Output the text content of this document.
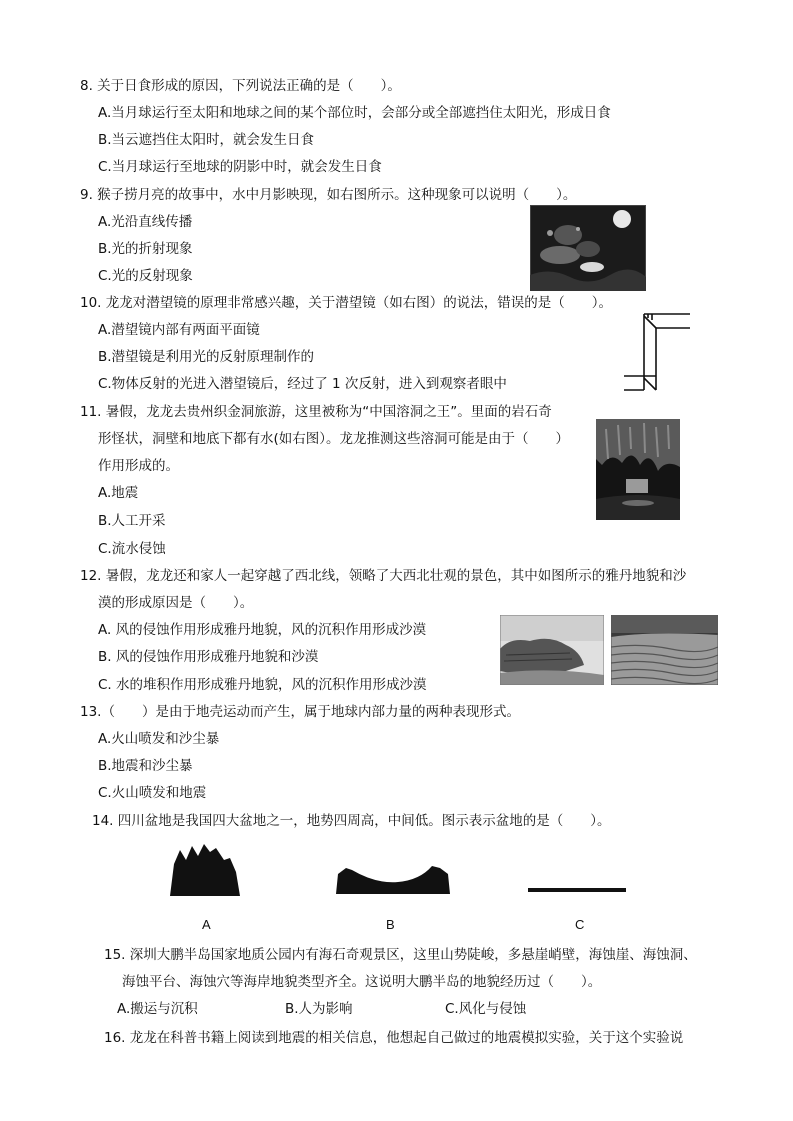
8. 关于日食形成的原因，下列说法正确的是（　　）。
A.当月球运行至太阳和地球之间的某个部位时，会部分或全部遮挡住太阳光，形成日食
B.当云遮挡住太阳时，就会发生日食
C.当月球运行至地球的阴影中时，就会发生日食
9. 猴子捞月亮的故事中，水中月影映现，如右图所示。这种现象可以说明（　　）。
A.光沿直线传播
B.光的折射现象
C.光的反射现象
10. 龙龙对潜望镜的原理非常感兴趣，关于潜望镜（如右图）的说法，错误的是（　　）。
A.潜望镜内部有两面平面镜
B.潜望镜是利用光的反射原理制作的
C.物体反射的光进入潜望镜后，经过了 1 次反射，进入到观察者眼中
11. 暑假，龙龙去贵州织金洞旅游，这里被称为“中国溶洞之王”。里面的岩石奇
形怪状，洞壁和地底下都有水(如右图）。龙龙推测这些溶洞可能是由于（　　）
作用形成的。
A.地震
B.人工开采
C.流水侵蚀
12. 暑假，龙龙还和家人一起穿越了西北线，领略了大西北壮观的景色，其中如图所示的雅丹地貌和沙
漠的形成原因是（　　）。
A. 风的侵蚀作用形成雅丹地貌，风的沉积作用形成沙漠
B. 风的侵蚀作用形成雅丹地貌和沙漠
C. 水的堆积作用形成雅丹地貌，风的沉积作用形成沙漠
13.（　　）是由于地壳运动而产生，属于地球内部力量的两种表现形式。
A.火山喷发和沙尘暴
B.地震和沙尘暴
C.火山喷发和地震
14. 四川盆地是我国四大盆地之一，地势四周高，中间低。图示表示盆地的是（　　）。
A	B	C
15. 深圳大鹏半岛国家地质公园内有海石奇观景区，这里山势陡峻，多悬崖峭壁，海蚀崖、海蚀洞、
海蚀平台、海蚀穴等海岸地貌类型齐全。这说明大鹏半岛的地貌经历过（　　）。
A.搬运与沉积	B.人为影响	C.风化与侵蚀
16. 龙龙在科普书籍上阅读到地震的相关信息，他想起自己做过的地震模拟实验，关于这个实验说
